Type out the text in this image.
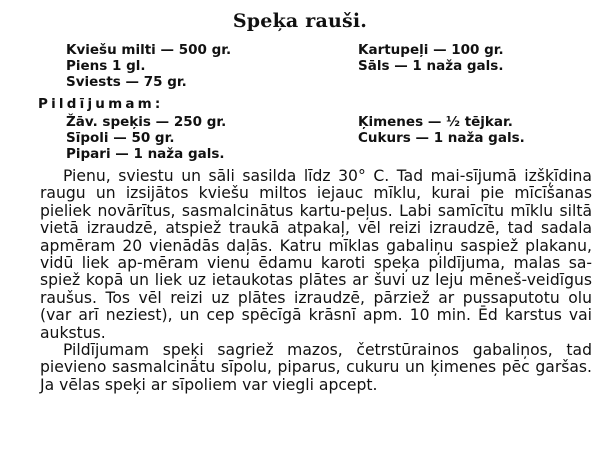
Speķa rauši.
Kviešu milti — 500 gr.
Piens 1 gl.
Sviests — 75 gr.
Kartupeļi — 100 gr.
Sāls — 1 naža gals.
Pildījumam:
Žāv. speķis — 250 gr.
Sīpoli — 50 gr.
Pipari — 1 naža gals.
Ķimenes — ½ tējkar.
Cukurs — 1 naža gals.

Pienu, sviestu un sāli sasilda līdz 30° C. Tad mai-sījumā izšķīdina raugu un izsijātos kviešu miltos iejauc mīklu, kurai pie mīcīšanas pieliek novārītus, sasmalcinātus kartu-peļus. Labi samīcītu mīklu siltā vietā izraudzē, atspiež traukā atpakaļ, vēl reizi izraudzē, tad sadala apmēram 20 vienādās daļās. Katru mīklas gabaliņu saspiež plakanu, vidū liek ap-mēram vienu ēdamu karoti speķa pildījuma, malas sa-spiež kopā un liek uz ietaukotas plātes ar šuvi uz leju mēneš-veidīgus raušus. Tos vēl reizi uz plātes izraudzē, pārziež ar pussaputotu olu (var arī neziest), un cep spēcīgā krāsnī apm. 10 min. Ēd karstus vai aukstus.

Pildījumam speķi sagriež mazos, četrstūrainos gabaliņos, tad pievieno sasmalcinātu sīpolu, piparus, cukuru un ķimenes pēc garšas. Ja vēlas speķi ar sīpoliem var viegli apcept.
